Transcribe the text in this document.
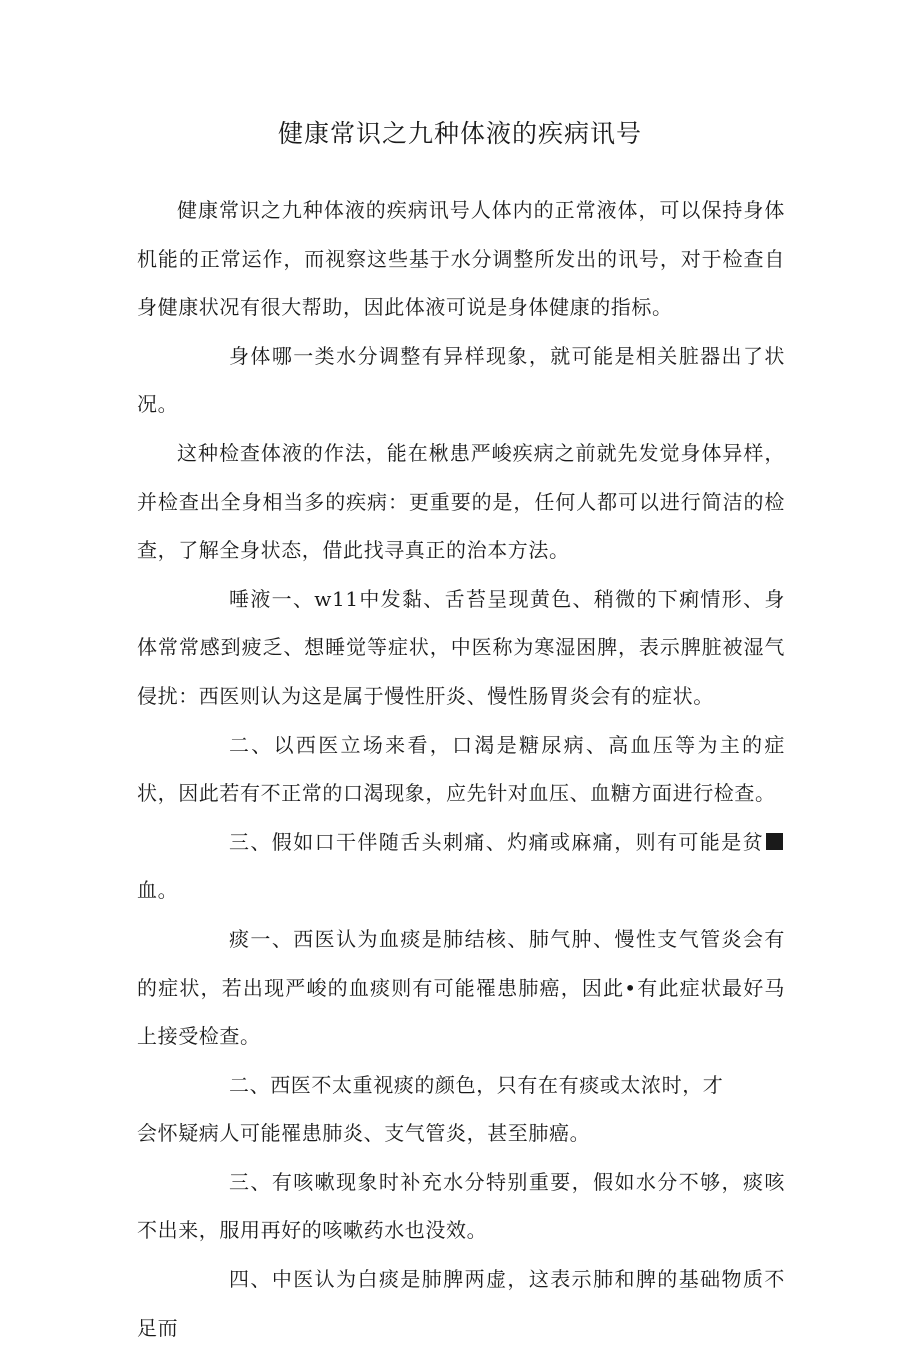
健康常识之九种体液的疾病讯号

健康常识之九种体液的疾病讯号人体内的正常液体，可以保持身体机能的正常运作，而视察这些基于水分调整所发出的讯号，对于检查自身健康状况有很大帮助，因此体液可说是身体健康的指标。

身体哪一类水分调整有异样现象，就可能是相关脏器出了状况。

这种检查体液的作法，能在楸患严峻疾病之前就先发觉身体异样，并检查出全身相当多的疾病：更重要的是，任何人都可以进行简洁的检查，了解全身状态，借此找寻真正的治本方法。

唾液一、w11中发黏、舌苔呈现黄色、稍微的下痢情形、身体常常感到疲乏、想睡觉等症状，中医称为寒湿困脾，表示脾脏被湿气侵扰：西医则认为这是属于慢性肝炎、慢性肠胃炎会有的症状。

二、以西医立场来看，口渴是糖尿病、高血压等为主的症状，因此若有不正常的口渴现象，应先针对血压、血糖方面进行检查。

三、假如口干伴随舌头刺痛、灼痛或麻痛，则有可能是贫血。

痰一、西医认为血痰是肺结核、肺气肿、慢性支气管炎会有的症状，若出现严峻的血痰则有可能罹患肺癌，因此•有此症状最好马上接受检查。

二、西医不太重视痰的颜色，只有在有痰或太浓时，才
会怀疑病人可能罹患肺炎、支气管炎，甚至肺癌。

三、有咳嗽现象时补充水分特别重要，假如水分不够，痰咳不出来，服用再好的咳嗽药水也没效。

四、中医认为白痰是肺脾两虚，这表示肺和脾的基础物质不足而
